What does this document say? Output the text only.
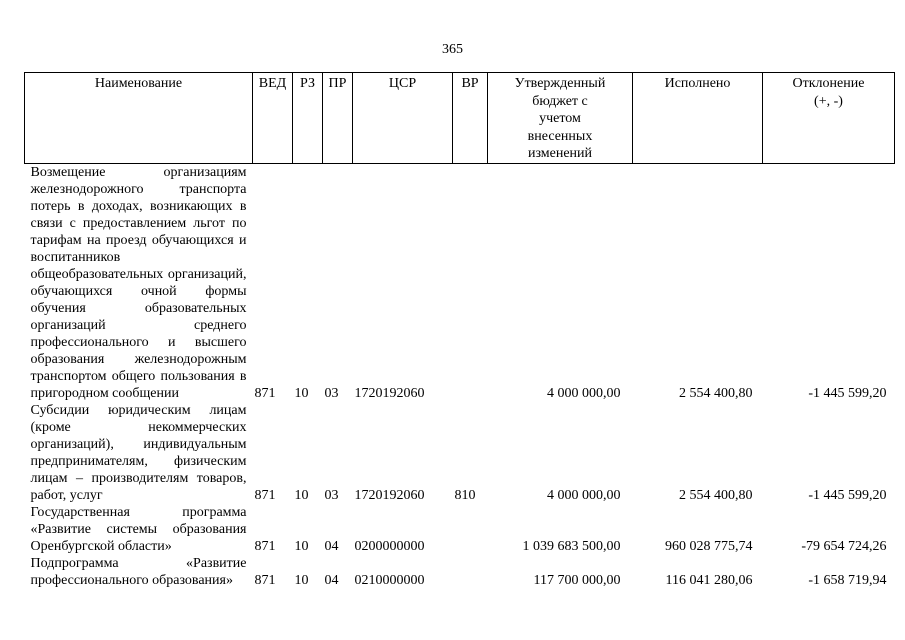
365
Наименование	ВЕД	РЗ	ПР	ЦСР	ВР	Утвержденный бюджет с учетом внесенных изменений	Исполнено	Отклонение (+, -)
Возмещение организациям железнодорожного транспорта потерь в доходах, возникающих в связи с предоставлением льгот по тарифам на проезд обучающихся и воспитанников общеобразовательных организаций, обучающихся очной формы обучения образовательных организаций среднего профессионального и высшего образования железнодорожным транспортом общего пользования в пригородном сообщении	871	10	03	1720192060		4 000 000,00	2 554 400,80	-1 445 599,20
Субсидии юридическим лицам (кроме некоммерческих организаций), индивидуальным предпринимателям, физическим лицам – производителям товаров, работ, услуг	871	10	03	1720192060	810	4 000 000,00	2 554 400,80	-1 445 599,20
Государственная программа «Развитие системы образования Оренбургской области»	871	10	04	0200000000		1 039 683 500,00	960 028 775,74	-79 654 724,26
Подпрограмма «Развитие профессионального образования»	871	10	04	0210000000		117 700 000,00	116 041 280,06	-1 658 719,94
